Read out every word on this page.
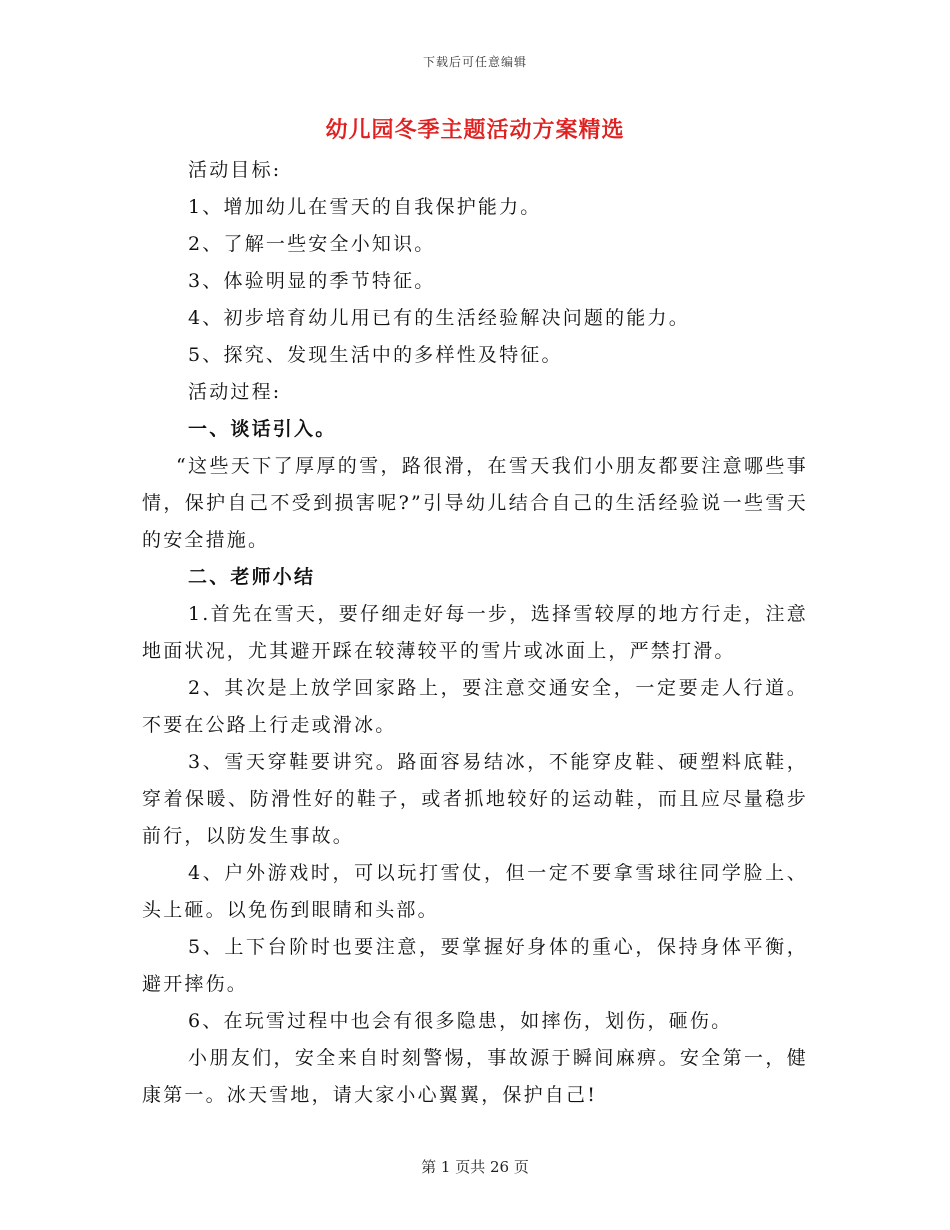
下载后可任意编辑
幼儿园冬季主题活动方案精选

活动目标:

1、增加幼儿在雪天的自我保护能力。

2、了解一些安全小知识。

3、体验明显的季节特征。

4、初步培育幼儿用已有的生活经验解决问题的能力。

5、探究、发现生活中的多样性及特征。

活动过程:

一、谈话引入。

“这些天下了厚厚的雪，路很滑，在雪天我们小朋友都要注意哪些事情，保护自己不受到损害呢?”引导幼儿结合自己的生活经验说一些雪天的安全措施。

二、老师小结

1.首先在雪天，要仔细走好每一步，选择雪较厚的地方行走，注意地面状况，尤其避开踩在较薄较平的雪片或冰面上，严禁打滑。

2、其次是上放学回家路上，要注意交通安全，一定要走人行道。不要在公路上行走或滑冰。

3、雪天穿鞋要讲究。路面容易结冰，不能穿皮鞋、硬塑料底鞋，穿着保暖、防滑性好的鞋子，或者抓地较好的运动鞋，而且应尽量稳步前行，以防发生事故。

4、户外游戏时，可以玩打雪仗，但一定不要拿雪球往同学脸上、头上砸。以免伤到眼睛和头部。

5、上下台阶时也要注意，要掌握好身体的重心，保持身体平衡，避开摔伤。

6、在玩雪过程中也会有很多隐患，如摔伤，划伤，砸伤。

小朋友们，安全来自时刻警惕，事故源于瞬间麻痹。安全第一，健康第一。冰天雪地，请大家小心翼翼，保护自己!

第 1 页共 26 页
